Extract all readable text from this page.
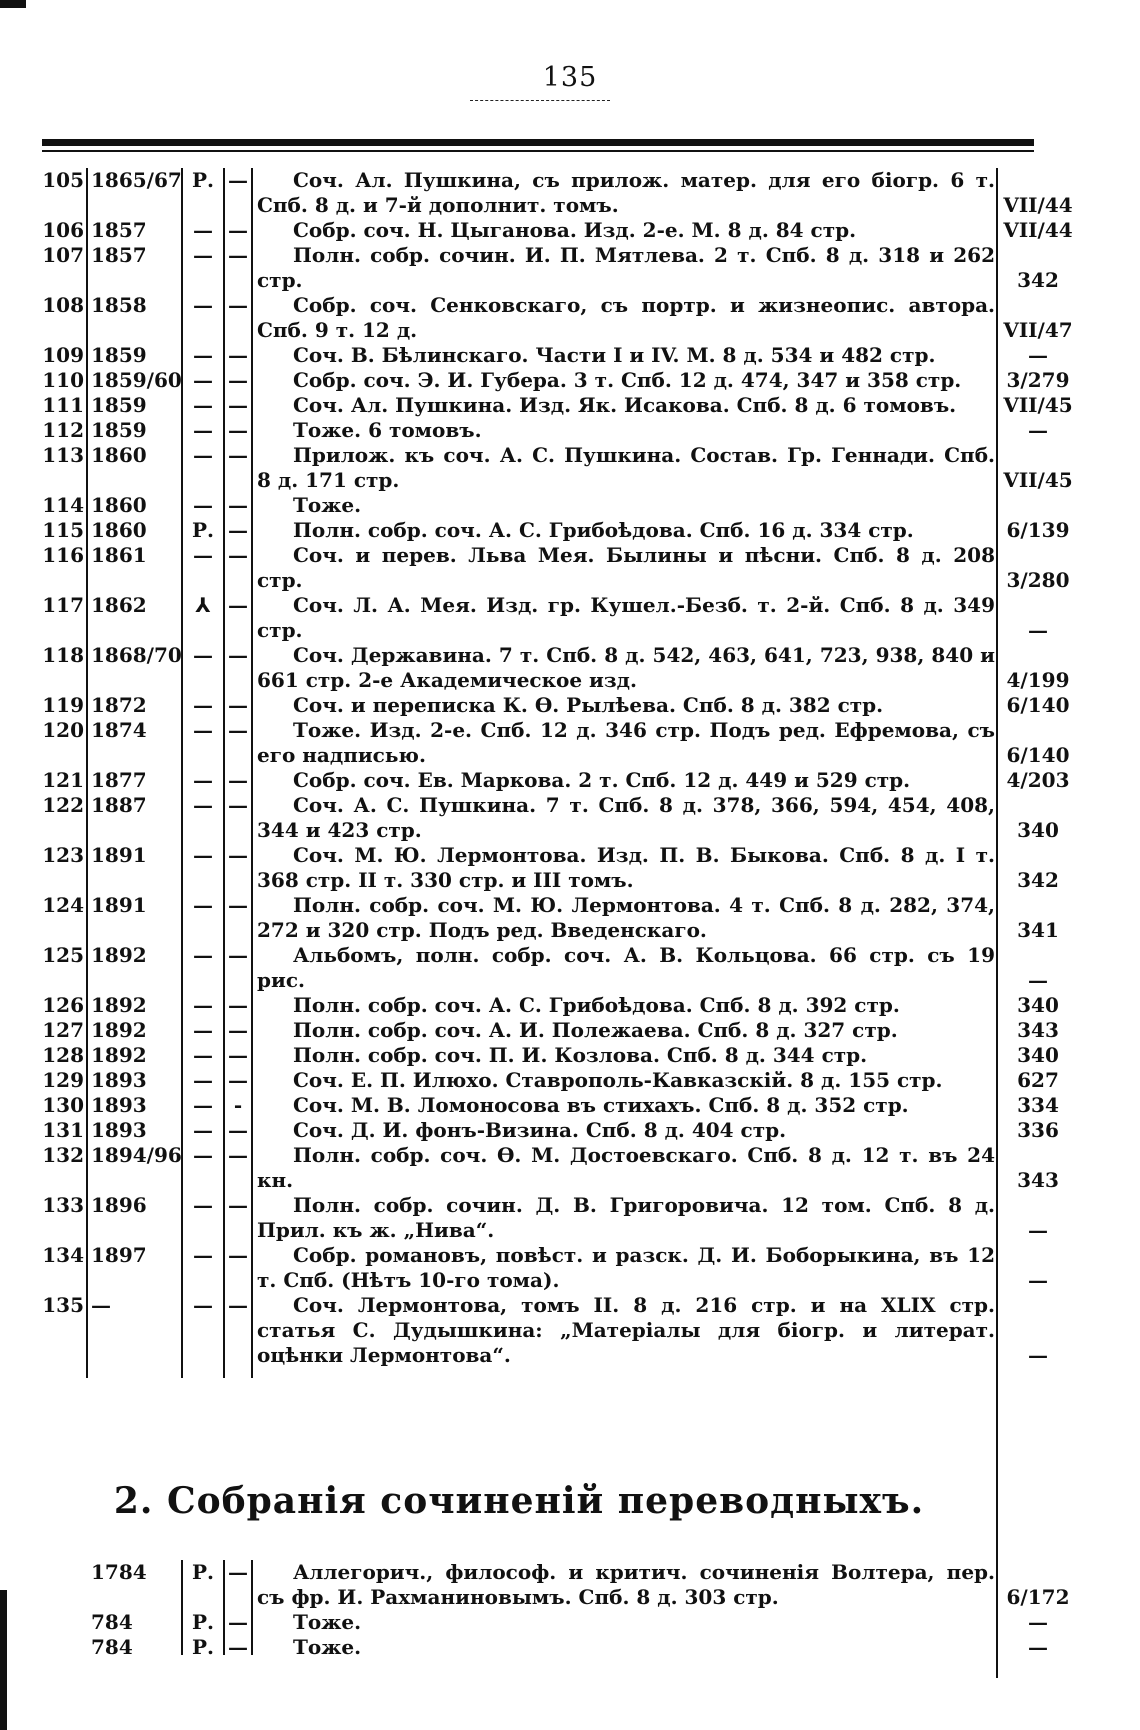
135
105 1865/67 Р. —	Соч. Ал. Пушкина, съ прилож. матер. для его біогр. 6 т. Спб. 8 д. и 7-й дополнит. томъ.	VII/44
106 1857	— —	Собр. соч. Н. Цыганова. Изд. 2-е. М. 8 д. 84 стр.	VII/44
107 1857	— —	Полн. собр. сочин. И. П. Мятлева. 2 т. Спб. 8 д. 318 и 262 стр.	342
108 1858	— —	Собр. соч. Сенковскаго, съ портр. и жизнеопис. автора. Спб. 9 т. 12 д.	VII/47
109 1859	— —	Соч. В. Бѣлинскаго. Части I и IV. М. 8 д. 534 и 482 стр.	—
110 1859/60 — —	Собр. соч. Э. И. Губера. 3 т. Спб. 12 д. 474, 347 и 358 стр.	3/279
111 1859	— —	Соч. Ал. Пушкина. Изд. Як. Исакова. Спб. 8 д. 6 томовъ.	VII/45
112 1859	— —	Тоже. 6 томовъ.	—
113 1860	— —	Прилож. къ соч. А. С. Пушкина. Состав. Гр. Геннади. Спб. 8 д. 171 стр.	VII/45
114 1860	— —	Тоже.
115 1860	Р. —	Полн. собр. соч. А. С. Грибоѣдова. Спб. 16 д. 334 стр.	6/139
116 1861	— —	Соч. и перев. Льва Мея. Былины и пѣсни. Спб. 8 д. 208 стр.	3/280
117 1862	⅄ —	Соч. Л. А. Мея. Изд. гр. Кушел.-Безб. т. 2-й. Спб. 8 д. 349 стр.	—
118 1868/70 — —	Соч. Державина. 7 т. Спб. 8 д. 542, 463, 641, 723, 938, 840 и 661 стр. 2-е Академическое изд.	4/199
119 1872	— —	Соч. и переписка К. Ѳ. Рылѣева. Спб. 8 д. 382 стр.	6/140
120 1874	— —	Тоже. Изд. 2-е. Спб. 12 д. 346 стр. Подъ ред. Ефремова, съ его надписью.	6/140
121 1877	— —	Собр. соч. Ев. Маркова. 2 т. Спб. 12 д. 449 и 529 стр.	4/203
122 1887	— —	Соч. А. С. Пушкина. 7 т. Спб. 8 д. 378, 366, 594, 454, 408, 344 и 423 стр.	340
123 1891	— —	Соч. М. Ю. Лермонтова. Изд. П. В. Быкова. Спб. 8 д. I т. 368 стр. II т. 330 стр. и III томъ.	342
124 1891	— —	Полн. собр. соч. М. Ю. Лермонтова. 4 т. Спб. 8 д. 282, 374, 272 и 320 стр. Подъ ред. Введенскаго.	341
125 1892	— —	Альбомъ, полн. собр. соч. А. В. Кольцова. 66 стр. съ 19 рис.	—
126 1892	— —	Полн. собр. соч. А. С. Грибоѣдова. Спб. 8 д. 392 стр.	340
127 1892	— —	Полн. собр. соч. А. И. Полежаева. Спб. 8 д. 327 стр.	343
128 1892	— —	Полн. собр. соч. П. И. Козлова. Спб. 8 д. 344 стр.	340
129 1893	— —	Соч. Е. П. Илюхо. Ставрополь-Кавказскій. 8 д. 155 стр.	627
130 1893	—	-	Соч. М. В. Ломоносова въ стихахъ. Спб. 8 д. 352 стр.	334
131 1893	— —	Соч. Д. И. фонъ-Визина. Спб. 8 д. 404 стр.	336
132 1894/96 — —	Полн. собр. соч. Ѳ. М. Достоевскаго. Спб. 8 д. 12 т. въ 24 кн.	343
133 1896	— —	Полн. собр. сочин. Д. В. Григоровича. 12 том. Спб. 8 д. Прил. къ ж. „Нива“.	—
134 1897	— —	Собр. романовъ, повѣст. и разск. Д. И. Боборыкина, въ 12 т. Спб. (Нѣтъ 10-го тома).	—
135 —	— —	Соч. Лермонтова, томъ II. 8 д. 216 стр. и на XLIX стр. статья С. Дудышкина: „Матеріалы для біогр. и литерат. оцѣнки Лермонтова“.	—
2. Собранія сочиненій переводныхъ.
1784	Р. —	Аллегорич., философ. и критич. сочиненія Волтера, пер. съ фр. И. Рахманиновымъ. Спб. 8 д. 303 стр.	6/172
784	Р. —	Тоже.	—
784	Р. —	Тоже.	—
